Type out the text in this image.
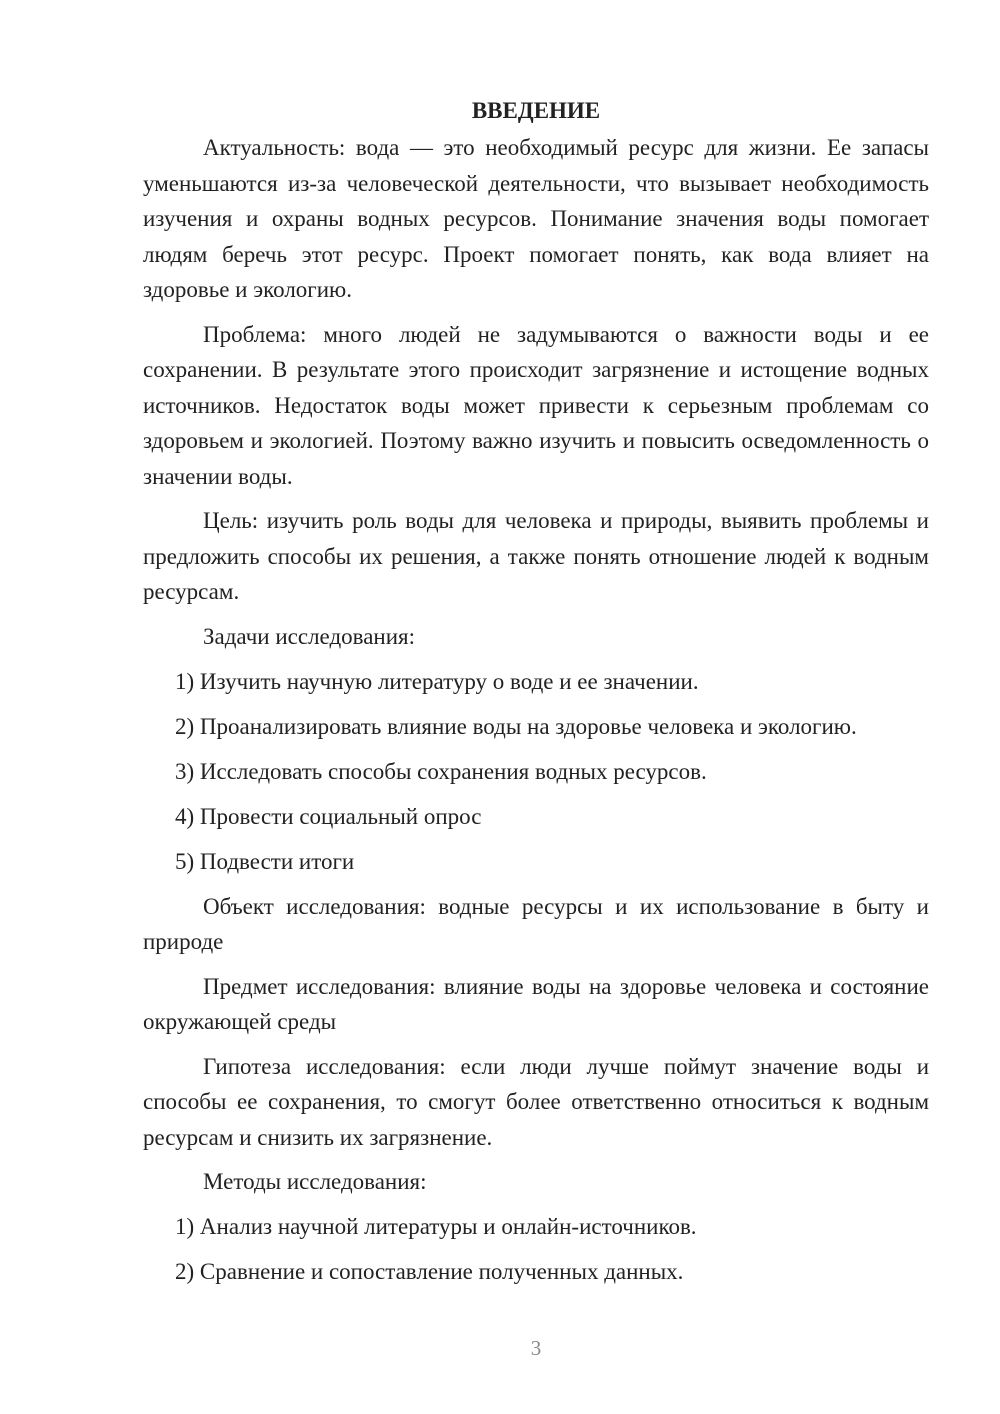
ВВЕДЕНИЕ

Актуальность: вода — это необходимый ресурс для жизни. Ее запасы уменьшаются из-за человеческой деятельности, что вызывает необходимость изучения и охраны водных ресурсов. Понимание значения воды помогает людям беречь этот ресурс. Проект помогает понять, как вода влияет на здоровье и экологию.

Проблема: много людей не задумываются о важности воды и ее сохранении. В результате этого происходит загрязнение и истощение водных источников. Недостаток воды может привести к серьезным проблемам со здоровьем и экологией. Поэтому важно изучить и повысить осведомленность о значении воды.

Цель: изучить роль воды для человека и природы, выявить проблемы и предложить способы их решения, а также понять отношение людей к водным ресурсам.

Задачи исследования:
1) Изучить научную литературу о воде и ее значении.
2) Проанализировать влияние воды на здоровье человека и экологию.
3) Исследовать способы сохранения водных ресурсов.
4) Провести социальный опрос
5) Подвести итоги

Объект исследования: водные ресурсы и их использование в быту и природе

Предмет исследования: влияние воды на здоровье человека и состояние окружающей среды

Гипотеза исследования: если люди лучше поймут значение воды и способы ее сохранения, то смогут более ответственно относиться к водным ресурсам и снизить их загрязнение.

Методы исследования:
1) Анализ научной литературы и онлайн-источников.
2) Сравнение и сопоставление полученных данных.
3
